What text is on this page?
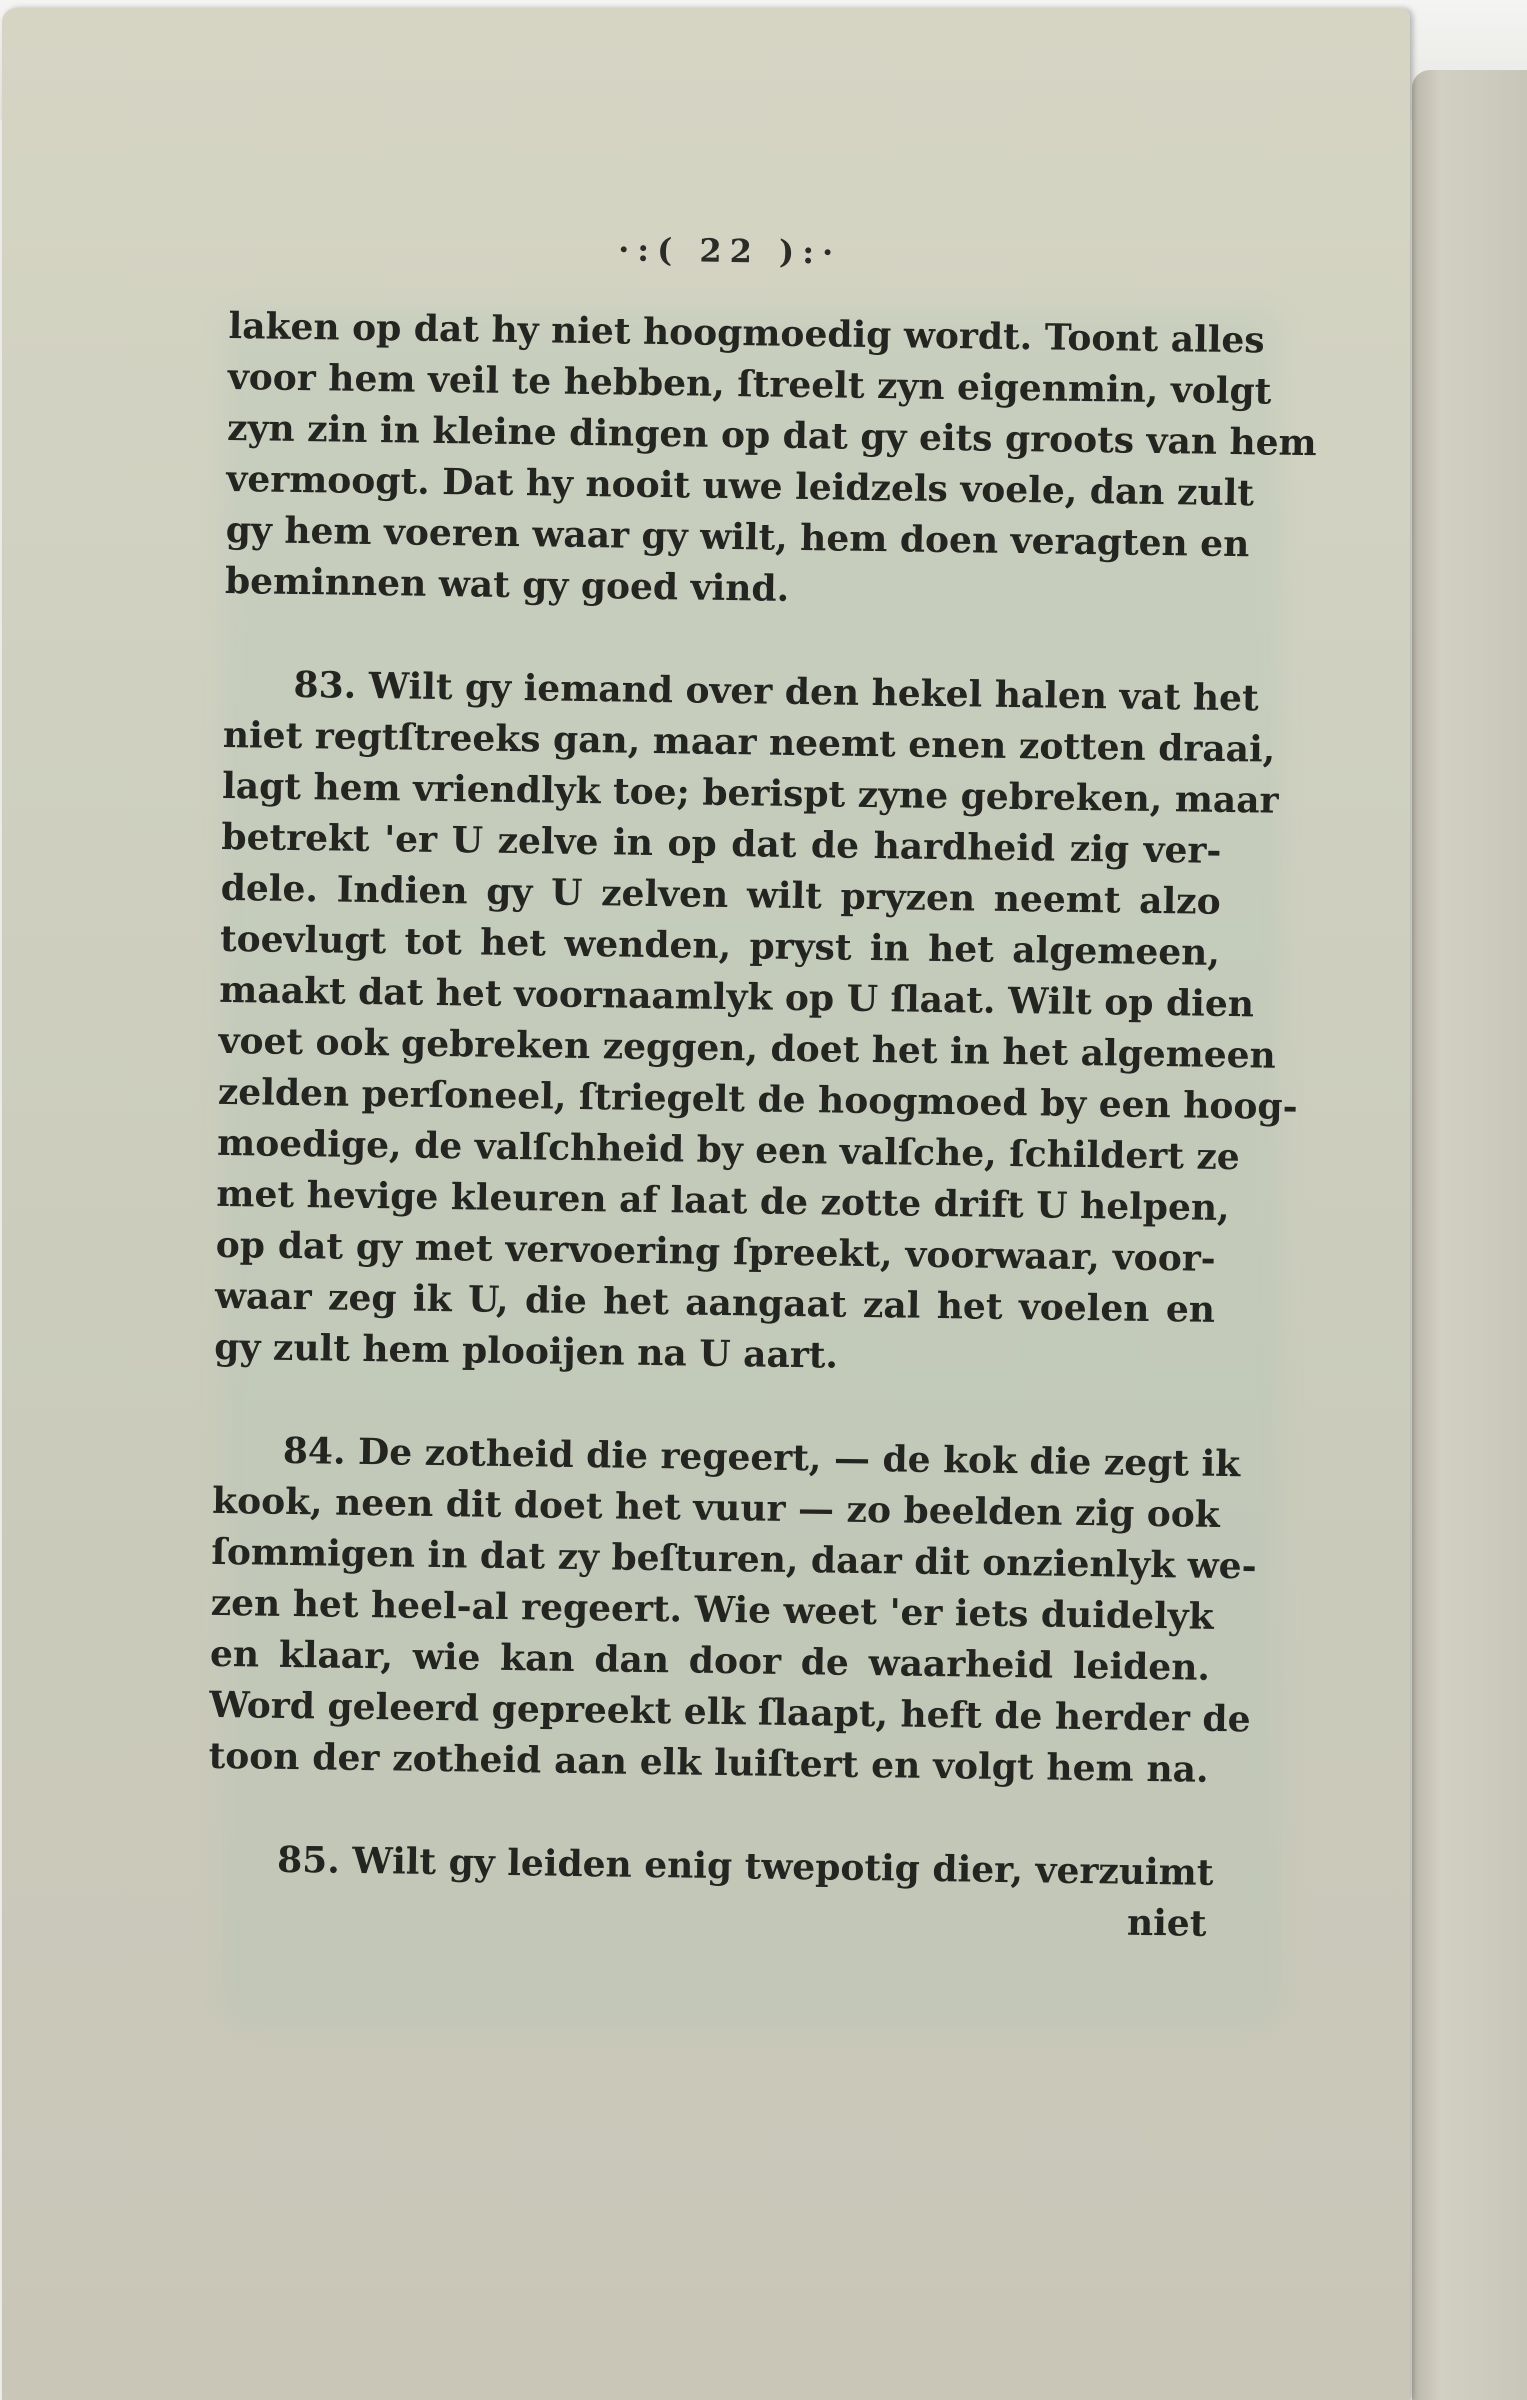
·:( 22 ):·
laken op dat hy niet hoogmoedig wordt. Toont alles
voor hem veil te hebben, ſtreelt zyn eigenmin, volgt
zyn zin in kleine dingen op dat gy eits groots van hem
vermoogt. Dat hy nooit uwe leidzels voele, dan zult
gy hem voeren waar gy wilt, hem doen veragten en
beminnen wat gy goed vind.
83. Wilt gy iemand over den hekel halen vat het
niet regtſtreeks gan, maar neemt enen zotten draai,
lagt hem vriendlyk toe; berispt zyne gebreken, maar
betrekt 'er U zelve in op dat de hardheid zig ver-
dele. Indien gy U zelven wilt pryzen neemt alzo
toevlugt tot het wenden, pryst in het algemeen,
maakt dat het voornaamlyk op U ſlaat. Wilt op dien
voet ook gebreken zeggen, doet het in het algemeen
zelden perſoneel, ſtriegelt de hoogmoed by een hoog-
moedige, de valſchheid by een valſche, ſchildert ze
met hevige kleuren af laat de zotte drift U helpen,
op dat gy met vervoering ſpreekt, voorwaar, voor-
waar zeg ik U, die het aangaat zal het voelen en
gy zult hem plooijen na U aart.
84. De zotheid die regeert, — de kok die zegt ik
kook, neen dit doet het vuur — zo beelden zig ook
ſommigen in dat zy beſturen, daar dit onzienlyk we-
zen het heel-al regeert. Wie weet 'er iets duidelyk
en klaar, wie kan dan door de waarheid leiden.
Word geleerd gepreekt elk ſlaapt, heft de herder de
toon der zotheid aan elk luiſtert en volgt hem na.
85. Wilt gy leiden enig twepotig dier, verzuimt
niet
